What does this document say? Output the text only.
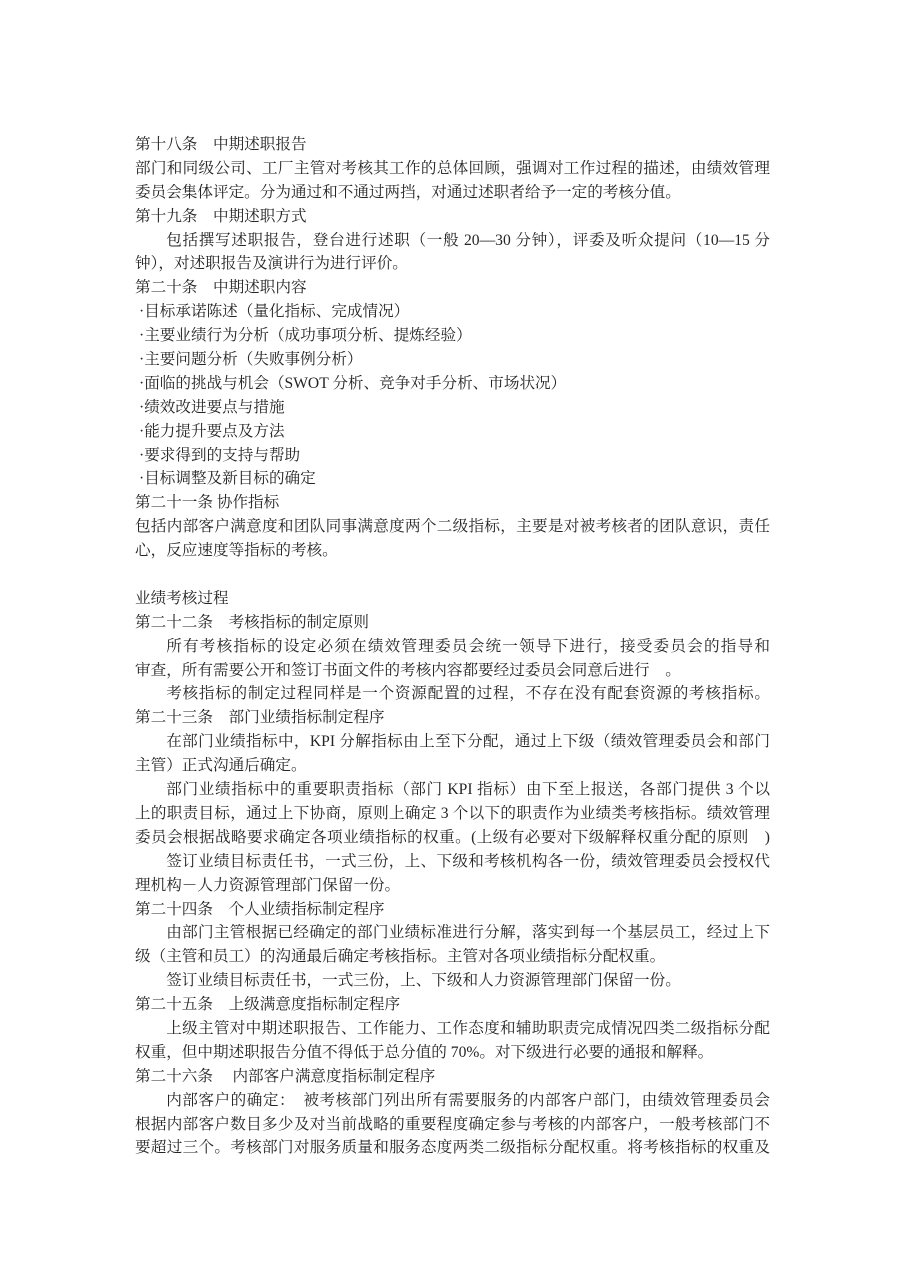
第十八条　中期述职报告
部门和同级公司、工厂主管对考核其工作的总体回顾，强调对工作过程的描述，由绩效管理
委员会集体评定。分为通过和不通过两挡，对通过述职者给予一定的考核分值。
第十九条　中期述职方式
包括撰写述职报告，登台进行述职（一般 20—30 分钟），评委及听众提问（10—15 分
钟），对述职报告及演讲行为进行评价。
第二十条　中期述职内容
·目标承诺陈述（量化指标、完成情况）
·主要业绩行为分析（成功事项分析、提炼经验）
·主要问题分析（失败事例分析）
·面临的挑战与机会（SWOT 分析、竞争对手分析、市场状况）
·绩效改进要点与措施
·能力提升要点及方法
·要求得到的支持与帮助
·目标调整及新目标的确定
第二十一条 协作指标
包括内部客户满意度和团队同事满意度两个二级指标，主要是对被考核者的团队意识，责任
心，反应速度等指标的考核。
业绩考核过程
第二十二条　考核指标的制定原则
所有考核指标的设定必须在绩效管理委员会统一领导下进行，接受委员会的指导和
审查，所有需要公开和签订书面文件的考核内容都要经过委员会同意后进行　。
考核指标的制定过程同样是一个资源配置的过程，不存在没有配套资源的考核指标。
第二十三条　部门业绩指标制定程序
在部门业绩指标中，KPI 分解指标由上至下分配，通过上下级（绩效管理委员会和部门
主管）正式沟通后确定。
部门业绩指标中的重要职责指标（部门 KPI 指标）由下至上报送，各部门提供 3 个以
上的职责目标，通过上下协商，原则上确定 3 个以下的职责作为业绩类考核指标。绩效管理
委员会根据战略要求确定各项业绩指标的权重。(上级有必要对下级解释权重分配的原则　)
签订业绩目标责任书，一式三份，上、下级和考核机构各一份，绩效管理委员会授权代
理机构－人力资源管理部门保留一份。
第二十四条　个人业绩指标制定程序
由部门主管根据已经确定的部门业绩标准进行分解，落实到每一个基层员工，经过上下
级（主管和员工）的沟通最后确定考核指标。主管对各项业绩指标分配权重。
签订业绩目标责任书，一式三份，上、下级和人力资源管理部门保留一份。
第二十五条　上级满意度指标制定程序
上级主管对中期述职报告、工作能力、工作态度和辅助职责完成情况四类二级指标分配
权重，但中期述职报告分值不得低于总分值的 70%。对下级进行必要的通报和解释。
第二十六条　 内部客户满意度指标制定程序
内部客户的确定：　被考核部门列出所有需要服务的内部客户部门，由绩效管理委员会
根据内部客户数目多少及对当前战略的重要程度确定参与考核的内部客户，一般考核部门不
要超过三个。考核部门对服务质量和服务态度两类二级指标分配权重。将考核指标的权重及
